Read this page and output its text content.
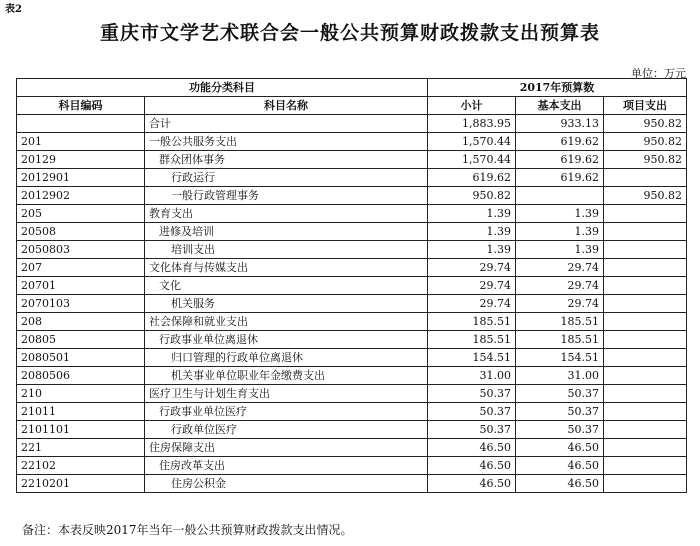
表2
重庆市文学艺术联合会一般公共预算财政拨款支出预算表
单位：万元
功能分类科目		2017年预算数		
科目编码	科目名称	小计	基本支出	项目支出
	合计	1,883.95	933.13	950.82
201	一般公共服务支出	1,570.44	619.62	950.82
20129	群众团体事务	1,570.44	619.62	950.82
2012901	行政运行	619.62	619.62	
2012902	一般行政管理事务	950.82		950.82
205	教育支出	1.39	1.39	
20508	进修及培训	1.39	1.39	
2050803	培训支出	1.39	1.39	
207	文化体育与传媒支出	29.74	29.74	
20701	文化	29.74	29.74	
2070103	机关服务	29.74	29.74	
208	社会保障和就业支出	185.51	185.51	
20805	行政事业单位离退休	185.51	185.51	
2080501	归口管理的行政单位离退休	154.51	154.51	
2080506	机关事业单位职业年金缴费支出	31.00	31.00	
210	医疗卫生与计划生育支出	50.37	50.37	
21011	行政事业单位医疗	50.37	50.37	
2101101	行政单位医疗	50.37	50.37	
221	住房保障支出	46.50	46.50	
22102	住房改革支出	46.50	46.50	
2210201	住房公积金	46.50	46.50	
备注：本表反映2017年当年一般公共预算财政拨款支出情况。
